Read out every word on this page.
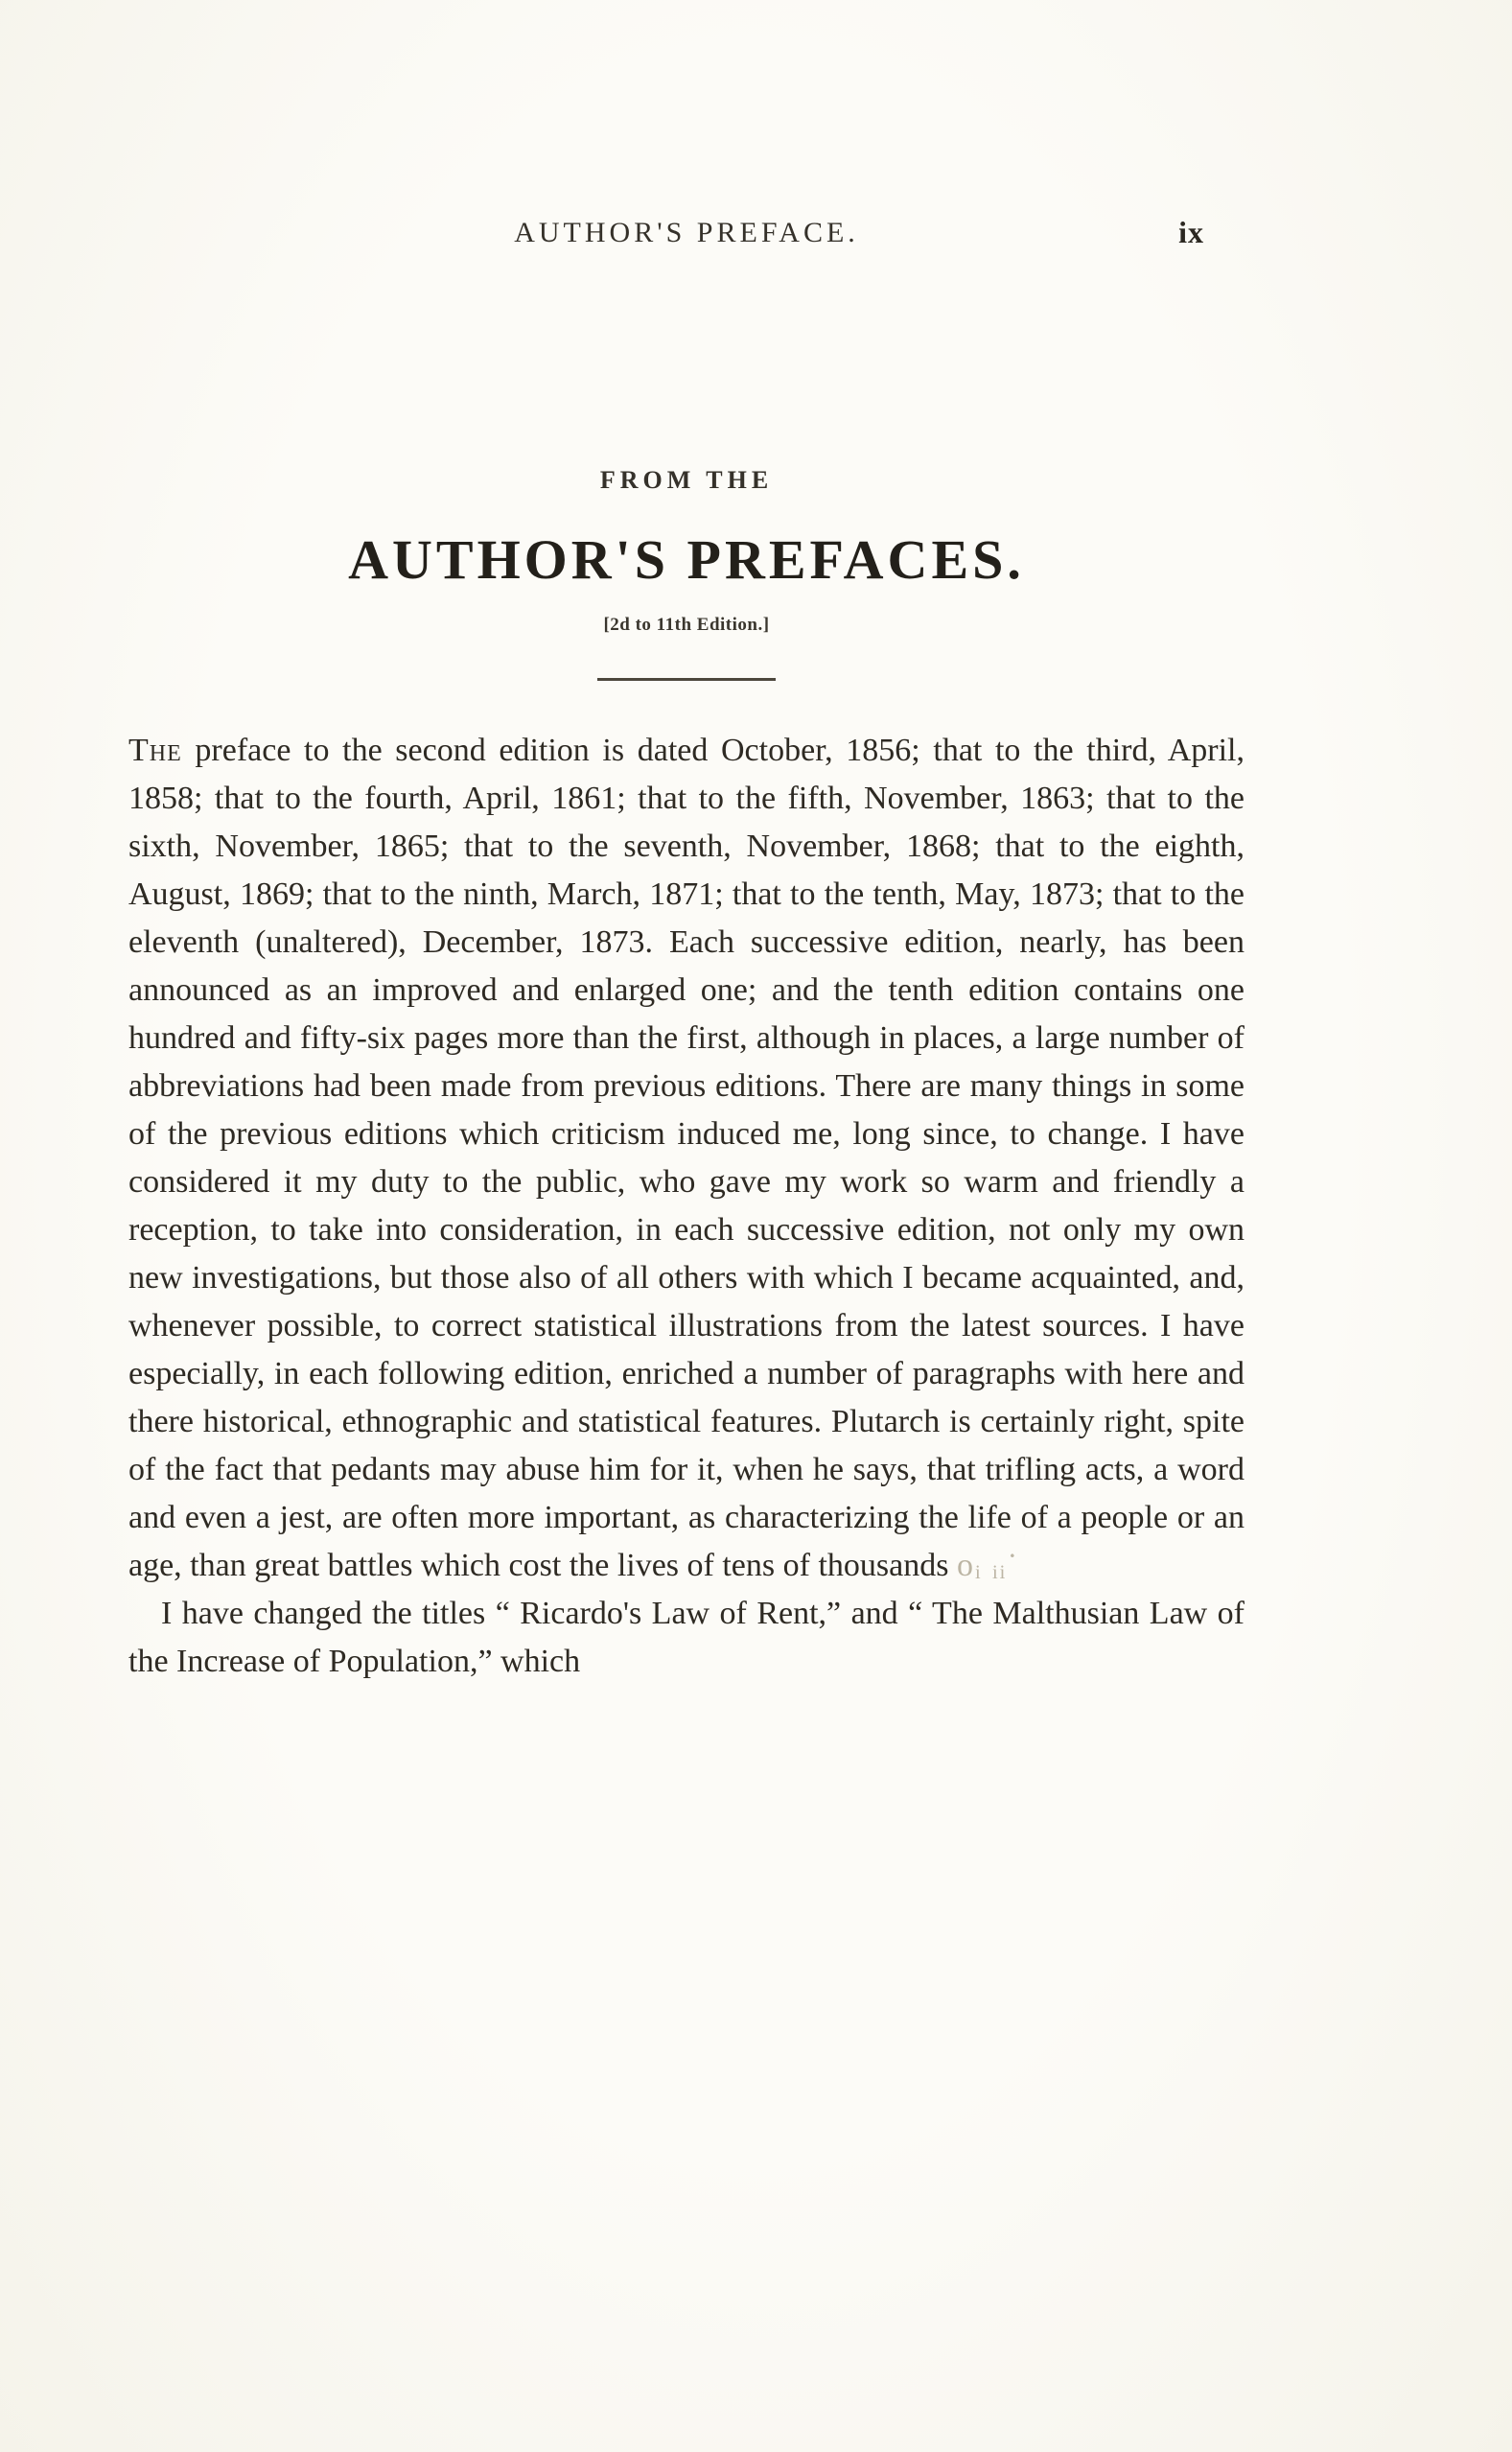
AUTHOR'S PREFACE.	ix
FROM THE
AUTHOR'S PREFACES.
[2d to 11th Edition.]

The preface to the second edition is dated October, 1856; that to the third, April, 1858; that to the fourth, April, 1861; that to the fifth, November, 1863; that to the sixth, November, 1865; that to the seventh, November, 1868; that to the eighth, August, 1869; that to the ninth, March, 1871; that to the tenth, May, 1873; that to the eleventh (unaltered), December, 1873. Each successive edition, nearly, has been announced as an improved and enlarged one; and the tenth edition contains one hundred and fifty-six pages more than the first, although in places, a large number of abbreviations had been made from previous editions. There are many things in some of the previous editions which criticism induced me, long since, to change. I have considered it my duty to the public, who gave my work so warm and friendly a reception, to take into consideration, in each successive edition, not only my own new investigations, but those also of all others with which I became acquainted, and, whenever possible, to correct statistical illustrations from the latest sources. I have especially, in each following edition, enriched a number of paragraphs with here and there historical, ethnographic and statistical features. Plutarch is certainly right, spite of the fact that pedants may abuse him for it, when he says, that trifling acts, a word and even a jest, are often more important, as characterizing the life of a people or an age, than great battles which cost the lives of tens of thousands oᵢ ᵢᵢ˙

I have changed the titles “ Ricardo's Law of Rent,” and “ The Malthusian Law of the Increase of Population,” which
